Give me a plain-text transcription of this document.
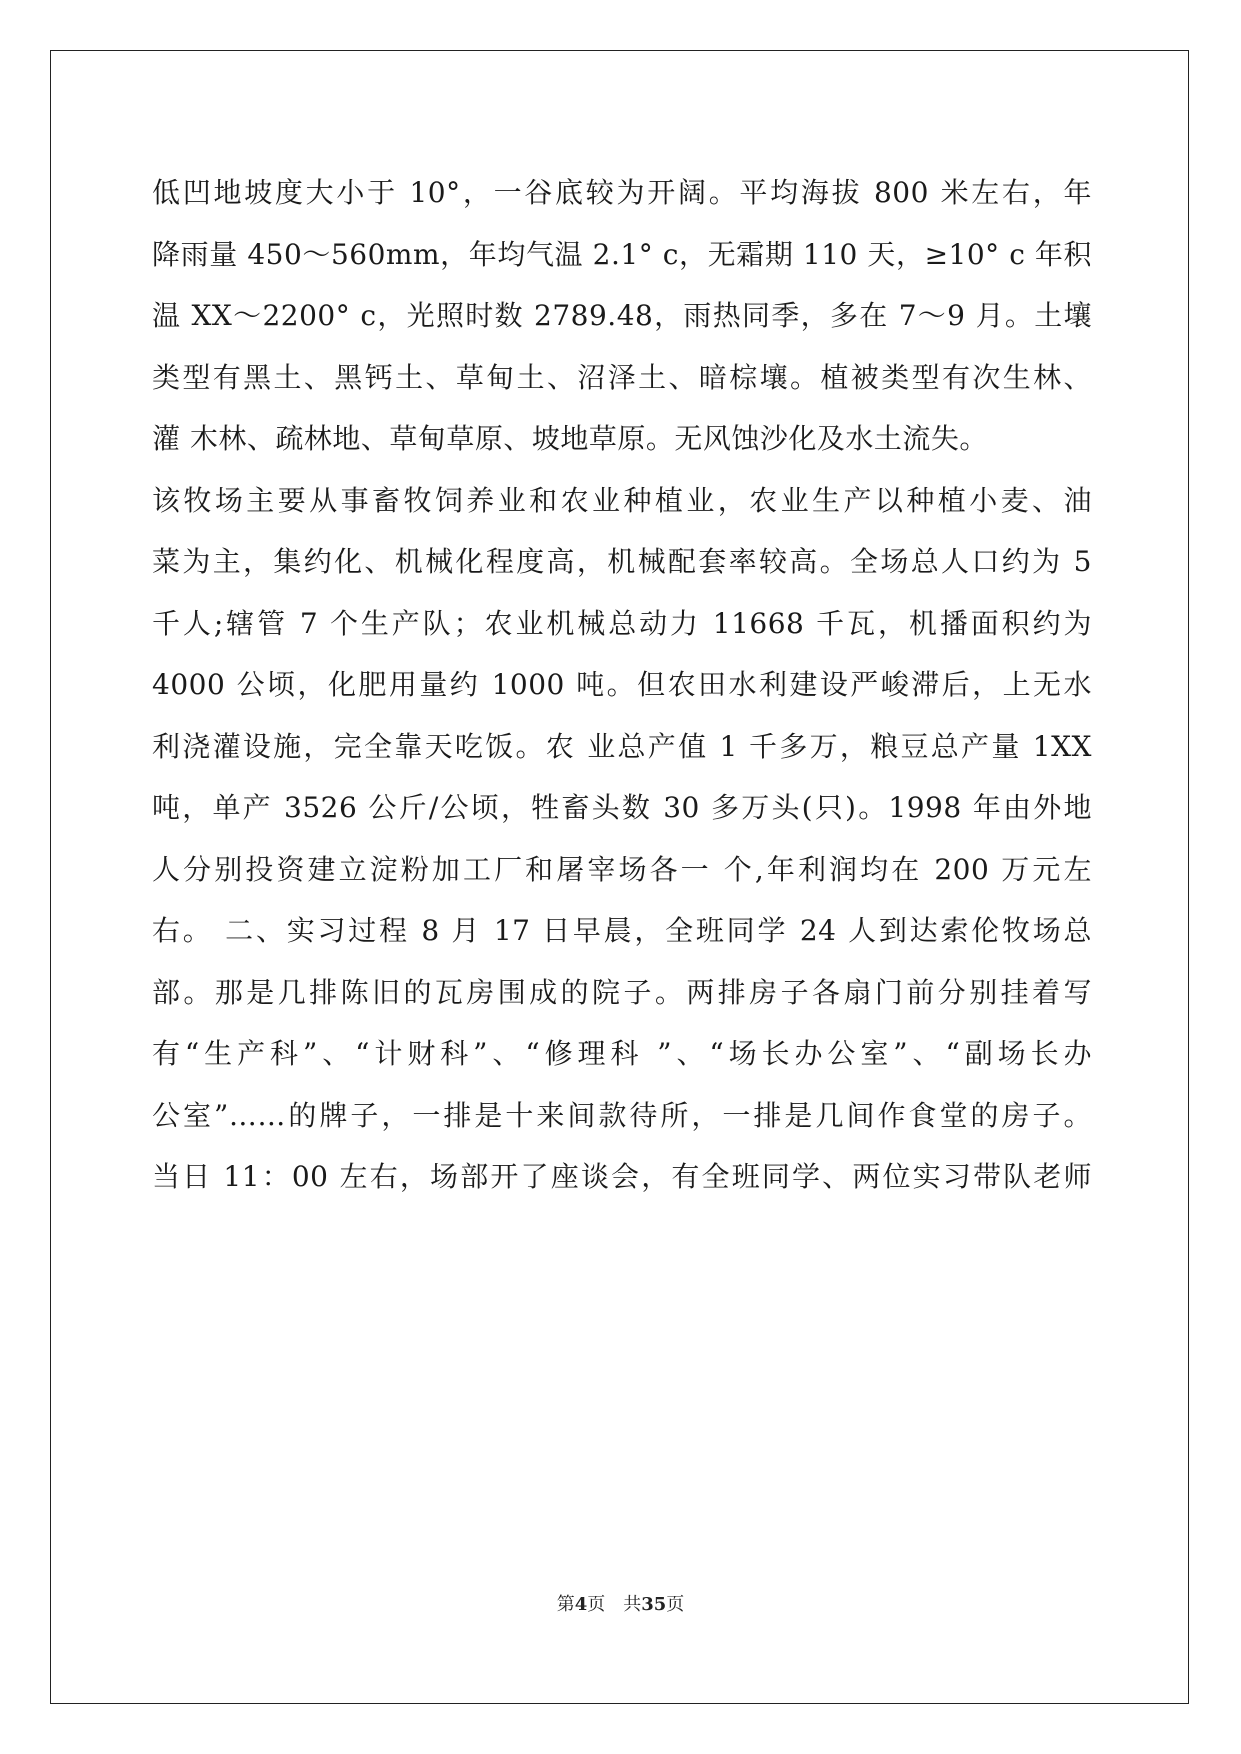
低凹地坡度大小于 10°，一谷底较为开阔。平均海拔 800 米左右，年
降雨量 450～560mm，年均气温 2.1° c，无霜期 110 天，≥10° c 年积
温 XX～2200° c，光照时数 2789.48，雨热同季，多在 7～9 月。土壤
类型有黑土、黑钙土、草甸土、沼泽土、暗棕壤。植被类型有次生林、
灌 木林、疏林地、草甸草原、坡地草原。无风蚀沙化及水土流失。
该牧场主要从事畜牧饲养业和农业种植业，农业生产以种植小麦、油
菜为主，集约化、机械化程度高，机械配套率较高。全场总人口约为 5
千人;辖管 7 个生产队；农业机械总动力 11668 千瓦，机播面积约为
4000 公顷，化肥用量约 1000 吨。但农田水利建设严峻滞后，上无水
利浇灌设施，完全靠天吃饭。农 业总产值 1 千多万，粮豆总产量 1XX
吨，单产 3526 公斤/公顷，牲畜头数 30 多万头(只)。1998 年由外地
人分别投资建立淀粉加工厂和屠宰场各一 个,年利润均在 200 万元左
右。 二、实习过程 8 月 17 日早晨，全班同学 24 人到达索伦牧场总
部。那是几排陈旧的瓦房围成的院子。两排房子各扇门前分别挂着写
有“生产科”、“计财科”、“修理科 ”、“场长办公室”、“副场长办
公室”……的牌子，一排是十来间款待所，一排是几间作食堂的房子。
当日 11：00 左右，场部开了座谈会，有全班同学、两位实习带队老师
第4页 共35页
